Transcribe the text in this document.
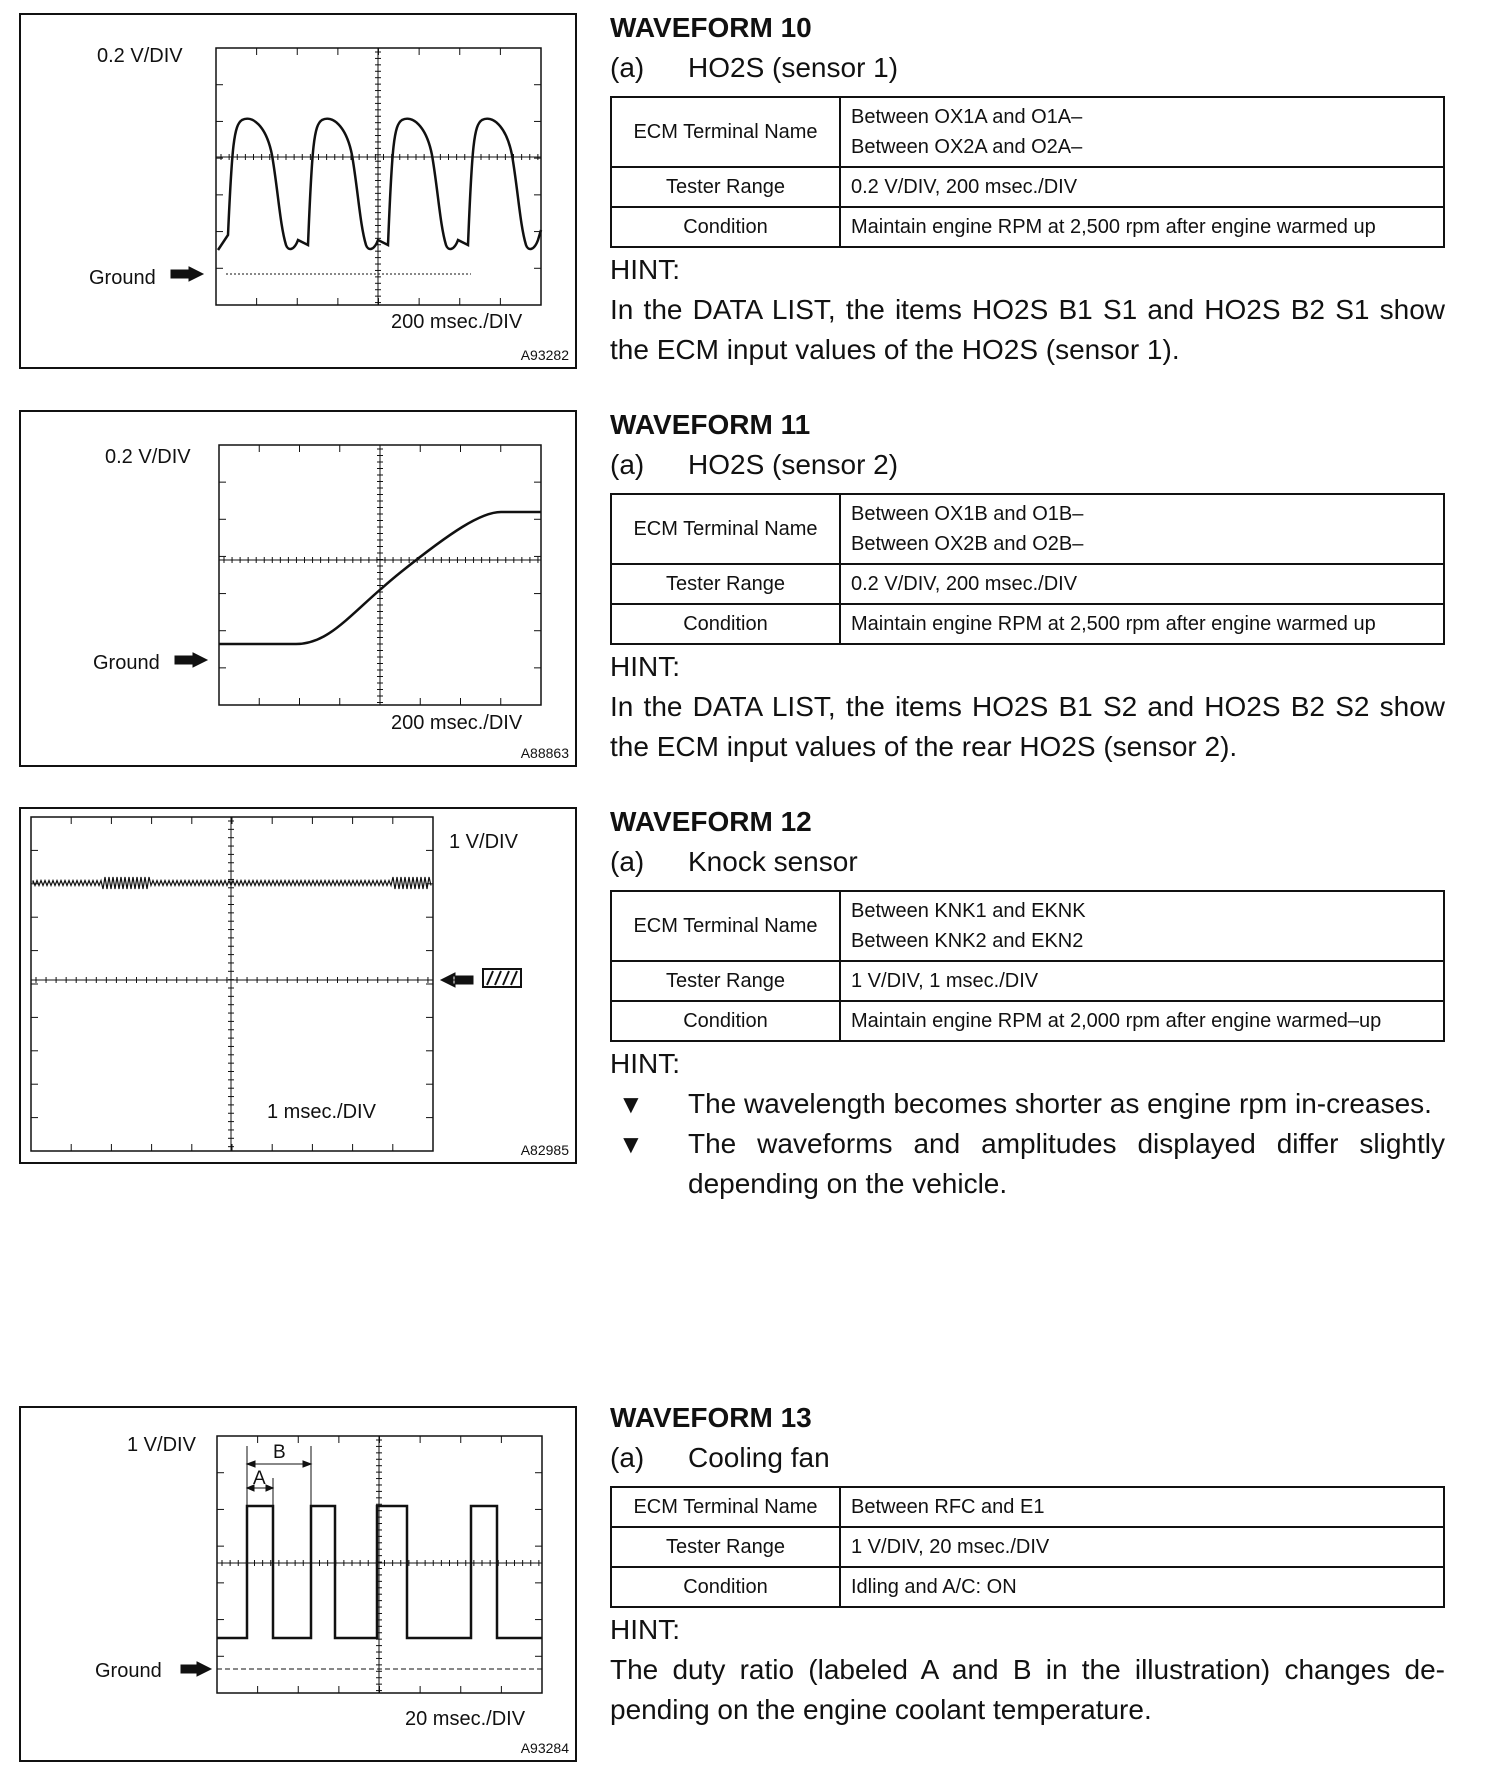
0.2 V/DIV
Ground
200 msec./DIV
A93282
WAVEFORM 10
(a) HO2S (sensor 1)
ECM Terminal Name	Between OX1A and O1A–
Between OX2A and O2A–

Tester Range	0.2 V/DIV, 200 msec./DIV
Condition	Maintain engine RPM at 2,500 rpm after engine warmed up
HINT:
In the DATA LIST, the items HO2S B1 S1 and HO2S B2 S1 show the ECM input values of the HO2S (sensor 1).
0.2 V/DIV
Ground
200 msec./DIV
A88863
WAVEFORM 11
(a) HO2S (sensor 2)
ECM Terminal Name	Between OX1B and O1B–
Between OX2B and O2B–

Tester Range	0.2 V/DIV, 200 msec./DIV
Condition	Maintain engine RPM at 2,500 rpm after engine warmed up
HINT:
In the DATA LIST, the items HO2S B1 S2 and HO2S B2 S2 show the ECM input values of the rear HO2S (sensor 2).
1 V/DIV
1 msec./DIV
A82985
WAVEFORM 12
(a) Knock sensor
ECM Terminal Name	Between KNK1 and EKNK
Between KNK2 and EKN2

Tester Range	1 V/DIV, 1 msec./DIV
Condition	Maintain engine RPM at 2,000 rpm after engine warmed–up
HINT:
▼ The wavelength becomes shorter as engine rpm in-creases.
▼ The waveforms and amplitudes displayed differ slightly depending on the vehicle.
1 V/DIV	B
A
Ground
20 msec./DIV
A93284
WAVEFORM 13
(a) Cooling fan
ECM Terminal Name	Between RFC and E1
Tester Range	1 V/DIV, 20 msec./DIV
Condition	Idling and A/C: ON
HINT:
The duty ratio (labeled A and B in the illustration) changes de-pending on the engine coolant temperature.
